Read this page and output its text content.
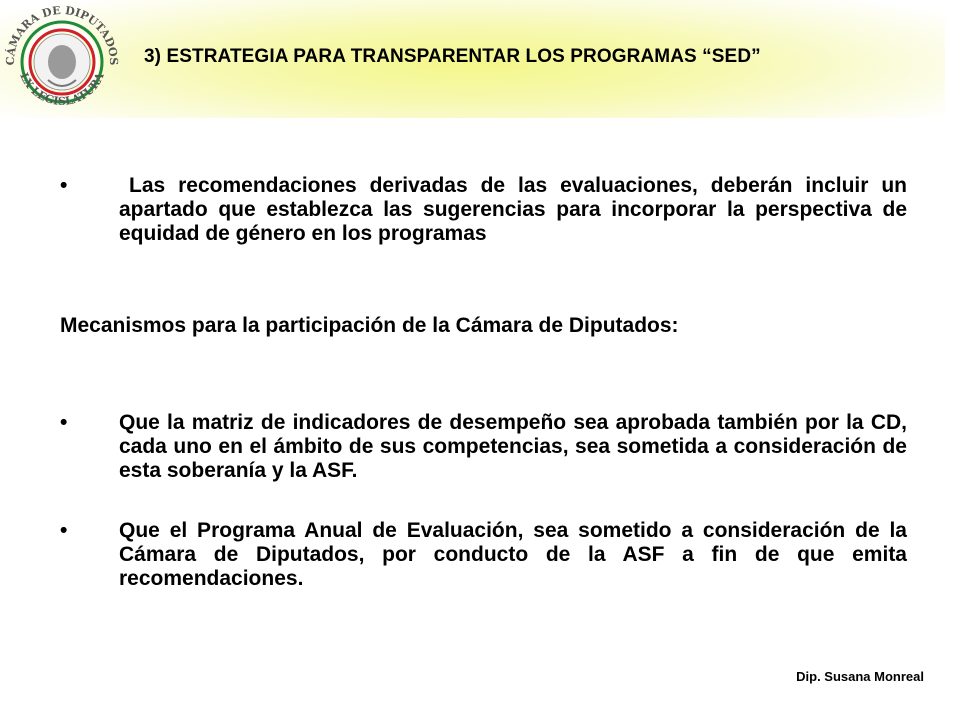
CÁMARA DE DIPUTADOS
LX LEGISLATURA
3) ESTRATEGIA PARA TRANSPARENTAR LOS PROGRAMAS “SED”
•	Las recomendaciones derivadas de las evaluaciones, deberán incluir un apartado que establezca las sugerencias para incorporar la perspectiva de equidad de género en los programas
Mecanismos para la participación de la Cámara de Diputados:
• Que la matriz de indicadores de desempeño sea aprobada también por la CD, cada uno en el ámbito de sus competencias, sea sometida a consideración de esta soberanía y la ASF.
• Que el Programa Anual de Evaluación, sea sometido a consideración de la Cámara de Diputados, por conducto de la ASF a fin de que emita recomendaciones.
Dip. Susana Monreal
